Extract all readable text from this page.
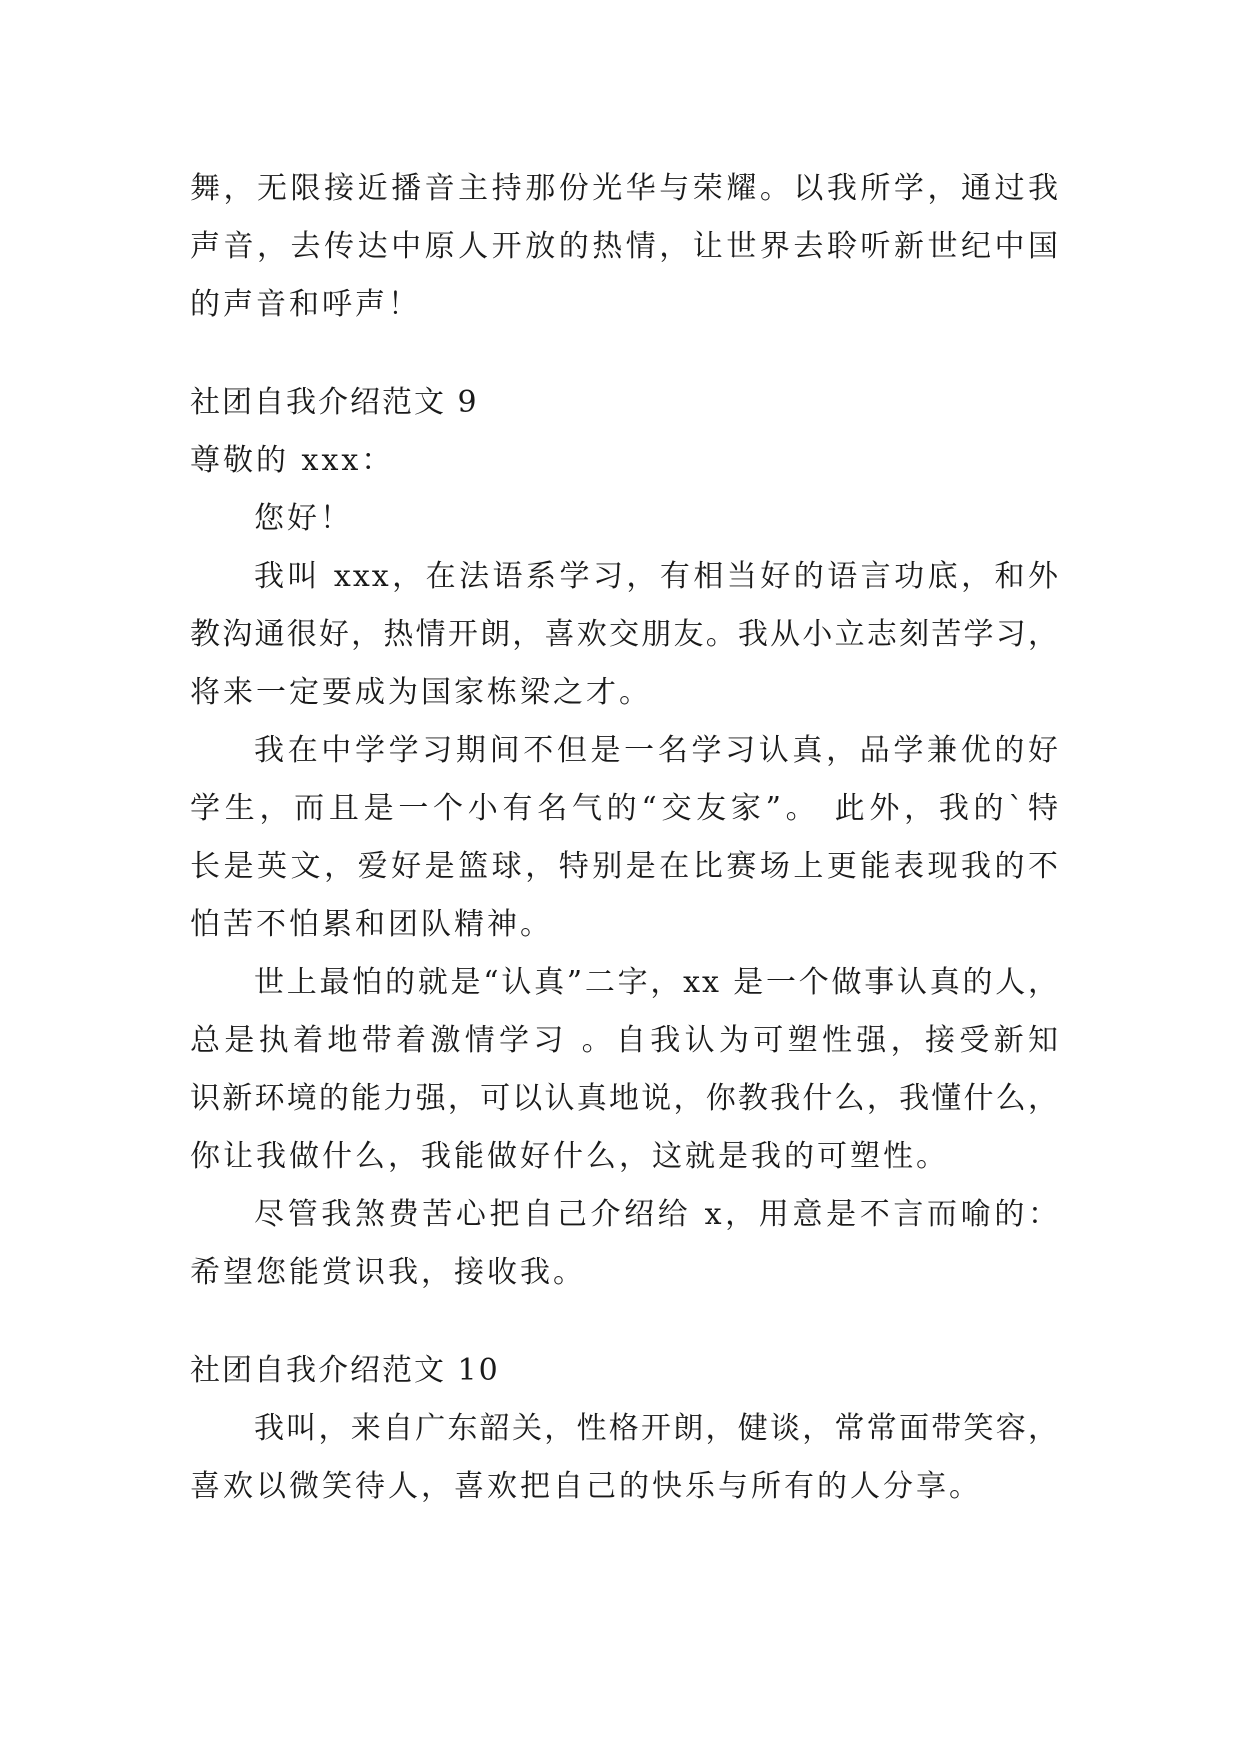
舞，无限接近播音主持那份光华与荣耀。以我所学，通过我
声音，去传达中原人开放的热情，让世界去聆听新世纪中国
的声音和呼声！
社团自我介绍范文 9
尊敬的 xxx：
您好！
我叫 xxx，在法语系学习，有相当好的语言功底，和外
教沟通很好，热情开朗，喜欢交朋友。我从小立志刻苦学习，
将来一定要成为国家栋梁之才。
我在中学学习期间不但是一名学习认真，品学兼优的好
学生，而且是一个小有名气的“交友家”。 此外，我的`特
长是英文，爱好是篮球，特别是在比赛场上更能表现我的不
怕苦不怕累和团队精神。
世上最怕的就是“认真”二字，xx 是一个做事认真的人，
总是执着地带着激情学习 。自我认为可塑性强，接受新知
识新环境的能力强，可以认真地说，你教我什么，我懂什么，
你让我做什么，我能做好什么，这就是我的可塑性。
尽管我煞费苦心把自己介绍给 x，用意是不言而喻的：
希望您能赏识我，接收我。
社团自我介绍范文 10
我叫，来自广东韶关，性格开朗，健谈，常常面带笑容，
喜欢以微笑待人，喜欢把自己的快乐与所有的人分享。
